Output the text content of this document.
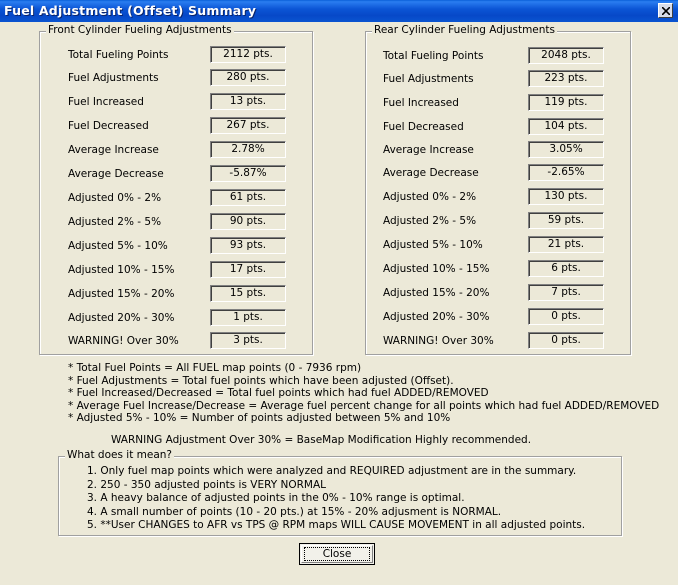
Fuel Adjustment (Offset) Summary
Front Cylinder Fueling Adjustments	Rear Cylinder Fueling Adjustments
Total Fueling Points	2112 pts.
Fuel Adjustments	280 pts.
Fuel Increased	13 pts.
Fuel Decreased	267 pts.
Average Increase	2.78%
Average Decrease	-5.87%
Adjusted 0% - 2%	61 pts.
Adjusted 2% - 5%	90 pts.
Adjusted 5% - 10%	93 pts.
Adjusted 10% - 15%	17 pts.
Adjusted 15% - 20%	15 pts.
Adjusted 20% - 30%	1 pts.
WARNING! Over 30%	3 pts.
Total Fueling Points	2048 pts.
Fuel Adjustments	223 pts.
Fuel Increased	119 pts.
Fuel Decreased	104 pts.
Average Increase	3.05%
Average Decrease	-2.65%
Adjusted 0% - 2%	130 pts.
Adjusted 2% - 5%	59 pts.
Adjusted 5% - 10%	21 pts.
Adjusted 10% - 15%	6 pts.
Adjusted 15% - 20%	7 pts.
Adjusted 20% - 30%	0 pts.
WARNING! Over 30%	0 pts.
* Total Fuel Points = All FUEL map points (0 - 7936 rpm)
* Fuel Adjustments = Total fuel points which have been adjusted (Offset).
* Fuel Increased/Decreased = Total fuel points which had fuel ADDED/REMOVED
* Average Fuel Increase/Decrease = Average fuel percent change for all points which had fuel ADDED/REMOVED
* Adjusted 5% - 10% = Number of points adjusted between 5% and 10%
WARNING Adjustment Over 30% = BaseMap Modification Highly recommended.
What does it mean?
1. Only fuel map points which were analyzed and REQUIRED adjustment are in the summary.
2. 250 - 350 adjusted points is VERY NORMAL
3. A heavy balance of adjusted points in the 0% - 10% range is optimal.
4. A small number of points (10 - 20 pts.) at 15% - 20% adjusment is NORMAL.
5. **User CHANGES to AFR vs TPS @ RPM maps WILL CAUSE MOVEMENT in all adjusted points.
Close
